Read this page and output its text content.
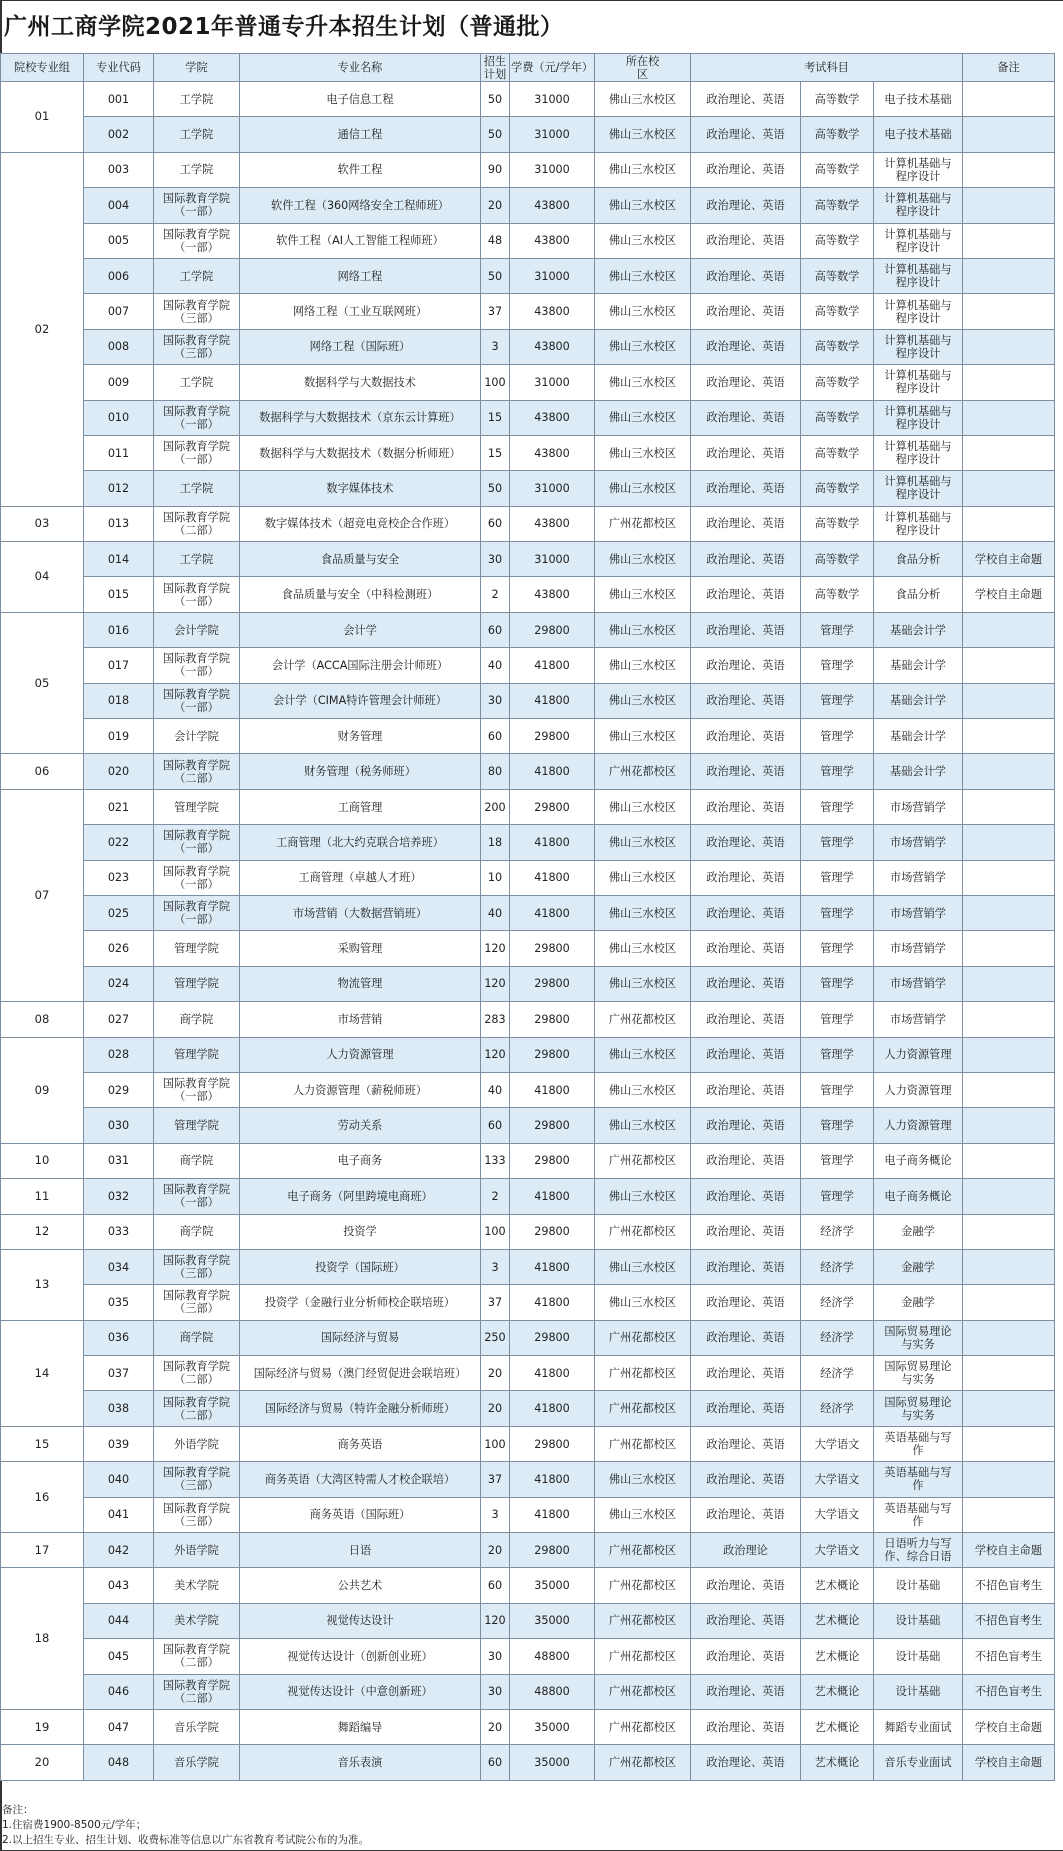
广州工商学院2021年普通专升本招生计划（普通批）
院校专业组	专业代码	学院	专业名称	招生计划	学费（元/学年）	所在校区	考试科目			备注
01	001	工学院	电子信息工程	50	31000	佛山三水校区	政治理论、英语	高等数学	电子技术基础	
	002	工学院	通信工程	50	31000	佛山三水校区	政治理论、英语	高等数学	电子技术基础	
02	003	工学院	软件工程	90	31000	佛山三水校区	政治理论、英语	高等数学	计算机基础与程序设计	
	004	国际教育学院（一部）	软件工程（360网络安全工程师班）	20	43800	佛山三水校区	政治理论、英语	高等数学	计算机基础与程序设计	
	005	国际教育学院（一部）	软件工程（AI人工智能工程师班）	48	43800	佛山三水校区	政治理论、英语	高等数学	计算机基础与程序设计	
	006	工学院	网络工程	50	31000	佛山三水校区	政治理论、英语	高等数学	计算机基础与程序设计	
	007	国际教育学院（三部）	网络工程（工业互联网班）	37	43800	佛山三水校区	政治理论、英语	高等数学	计算机基础与程序设计	
	008	国际教育学院（三部）	网络工程（国际班）	3	43800	佛山三水校区	政治理论、英语	高等数学	计算机基础与程序设计	
	009	工学院	数据科学与大数据技术	100	31000	佛山三水校区	政治理论、英语	高等数学	计算机基础与程序设计	
	010	国际教育学院（一部）	数据科学与大数据技术（京东云计算班）	15	43800	佛山三水校区	政治理论、英语	高等数学	计算机基础与程序设计	
	011	国际教育学院（一部）	数据科学与大数据技术（数据分析师班）	15	43800	佛山三水校区	政治理论、英语	高等数学	计算机基础与程序设计	
	012	工学院	数字媒体技术	50	31000	佛山三水校区	政治理论、英语	高等数学	计算机基础与程序设计	
03	013	国际教育学院（二部）	数字媒体技术（超竞电竞校企合作班）	60	43800	广州花都校区	政治理论、英语	高等数学	计算机基础与程序设计	
04	014	工学院	食品质量与安全	30	31000	佛山三水校区	政治理论、英语	高等数学	食品分析	学校自主命题
	015	国际教育学院（一部）	食品质量与安全（中科检测班）	2	43800	佛山三水校区	政治理论、英语	高等数学	食品分析	学校自主命题
05	016	会计学院	会计学	60	29800	佛山三水校区	政治理论、英语	管理学	基础会计学	
	017	国际教育学院（一部）	会计学（ACCA国际注册会计师班）	40	41800	佛山三水校区	政治理论、英语	管理学	基础会计学	
	018	国际教育学院（一部）	会计学（CIMA特许管理会计师班）	30	41800	佛山三水校区	政治理论、英语	管理学	基础会计学	
	019	会计学院	财务管理	60	29800	佛山三水校区	政治理论、英语	管理学	基础会计学	
06	020	国际教育学院（二部）	财务管理（税务师班）	80	41800	广州花都校区	政治理论、英语	管理学	基础会计学	
07	021	管理学院	工商管理	200	29800	佛山三水校区	政治理论、英语	管理学	市场营销学	
	022	国际教育学院（一部）	工商管理（北大约克联合培养班）	18	41800	佛山三水校区	政治理论、英语	管理学	市场营销学	
	023	国际教育学院（一部）	工商管理（卓越人才班）	10	41800	佛山三水校区	政治理论、英语	管理学	市场营销学	
	025	国际教育学院（一部）	市场营销（大数据营销班）	40	41800	佛山三水校区	政治理论、英语	管理学	市场营销学	
	026	管理学院	采购管理	120	29800	佛山三水校区	政治理论、英语	管理学	市场营销学	
	024	管理学院	物流管理	120	29800	佛山三水校区	政治理论、英语	管理学	市场营销学	
08	027	商学院	市场营销	283	29800	广州花都校区	政治理论、英语	管理学	市场营销学	
09	028	管理学院	人力资源管理	120	29800	佛山三水校区	政治理论、英语	管理学	人力资源管理	
	029	国际教育学院（一部）	人力资源管理（薪税师班）	40	41800	佛山三水校区	政治理论、英语	管理学	人力资源管理	
	030	管理学院	劳动关系	60	29800	佛山三水校区	政治理论、英语	管理学	人力资源管理	
10	031	商学院	电子商务	133	29800	广州花都校区	政治理论、英语	管理学	电子商务概论	
11	032	国际教育学院（一部）	电子商务（阿里跨境电商班）	2	41800	佛山三水校区	政治理论、英语	管理学	电子商务概论	
12	033	商学院	投资学	100	29800	广州花都校区	政治理论、英语	经济学	金融学	
13	034	国际教育学院（三部）	投资学（国际班）	3	41800	佛山三水校区	政治理论、英语	经济学	金融学	
	035	国际教育学院（三部）	投资学（金融行业分析师校企联培班）	37	41800	佛山三水校区	政治理论、英语	经济学	金融学	
14	036	商学院	国际经济与贸易	250	29800	广州花都校区	政治理论、英语	经济学	国际贸易理论与实务	
	037	国际教育学院（二部）	国际经济与贸易（澳门经贸促进会联培班）	20	41800	广州花都校区	政治理论、英语	经济学	国际贸易理论与实务	
	038	国际教育学院（二部）	国际经济与贸易（特许金融分析师班）	20	41800	广州花都校区	政治理论、英语	经济学	国际贸易理论与实务	
15	039	外语学院	商务英语	100	29800	广州花都校区	政治理论、英语	大学语文	英语基础与写作	
16	040	国际教育学院（三部）	商务英语（大湾区特需人才校企联培）	37	41800	佛山三水校区	政治理论、英语	大学语文	英语基础与写作	
	041	国际教育学院（三部）	商务英语（国际班）	3	41800	佛山三水校区	政治理论、英语	大学语文	英语基础与写作	
17	042	外语学院	日语	20	29800	广州花都校区	政治理论	大学语文	日语听力与写作、综合日语	学校自主命题
18	043	美术学院	公共艺术	60	35000	广州花都校区	政治理论、英语	艺术概论	设计基础	不招色盲考生
	044	美术学院	视觉传达设计	120	35000	广州花都校区	政治理论、英语	艺术概论	设计基础	不招色盲考生
	045	国际教育学院（二部）	视觉传达设计（创新创业班）	30	48800	广州花都校区	政治理论、英语	艺术概论	设计基础	不招色盲考生
	046	国际教育学院（二部）	视觉传达设计（中意创新班）	30	48800	广州花都校区	政治理论、英语	艺术概论	设计基础	不招色盲考生
19	047	音乐学院	舞蹈编导	20	35000	广州花都校区	政治理论、英语	艺术概论	舞蹈专业面试	学校自主命题
20	048	音乐学院	音乐表演	60	35000	广州花都校区	政治理论、英语	艺术概论	音乐专业面试	学校自主命题
备注：
1.住宿费1900-8500元/学年；
2.以上招生专业、招生计划、收费标准等信息以广东省教育考试院公布的为准。
